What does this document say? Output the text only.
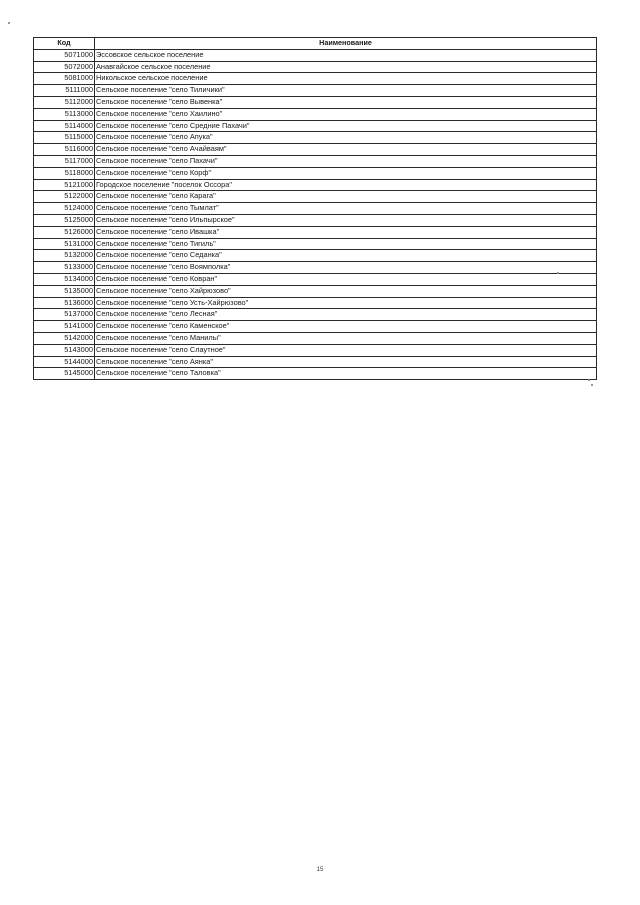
Код	Наименование
5071000	Эссовское сельское поселение
5072000	Анавгайское сельское поселение
5081000	Никольское сельское поселение
5111000	Сельское поселение "село Тиличики"
5112000	Сельское поселение "село Вывенка"
5113000	Сельское поселение "село Хаилино"
5114000	Сельское поселение "село Средние Пахачи"
5115000	Сельское поселение "село Апука"
5116000	Сельское поселение "село Ачайваям"
5117000	Сельское поселение "село Пахачи"
5118000	Сельское поселение "село Корф"
5121000	Городское поселение "поселок Оссора"
5122000	Сельское поселение "село Карага"
5124000	Сельское поселение "село Тымлат"
5125000	Сельское поселение "село Ильпырское"
5126000	Сельское поселение "село Ивашка"
5131000	Сельское поселение "село Тигиль"
5132000	Сельское поселение "село Седанка"
5133000	Сельское поселение "село Воямполка"
5134000	Сельское поселение "село Ковран"
5135000	Сельское поселение "село Хайрюзово"
5136000	Сельское поселение "село Усть-Хайрюзово"
5137000	Сельское поселение "село Лесная"
5141000	Сельское поселение "село Каменское"
5142000	Сельское поселение "село Манилы"
5143000	Сельское поселение "село Слаутное"
5144000	Сельское поселение "село Аянка"
5145000	Сельское поселение "село Таловка"
15
